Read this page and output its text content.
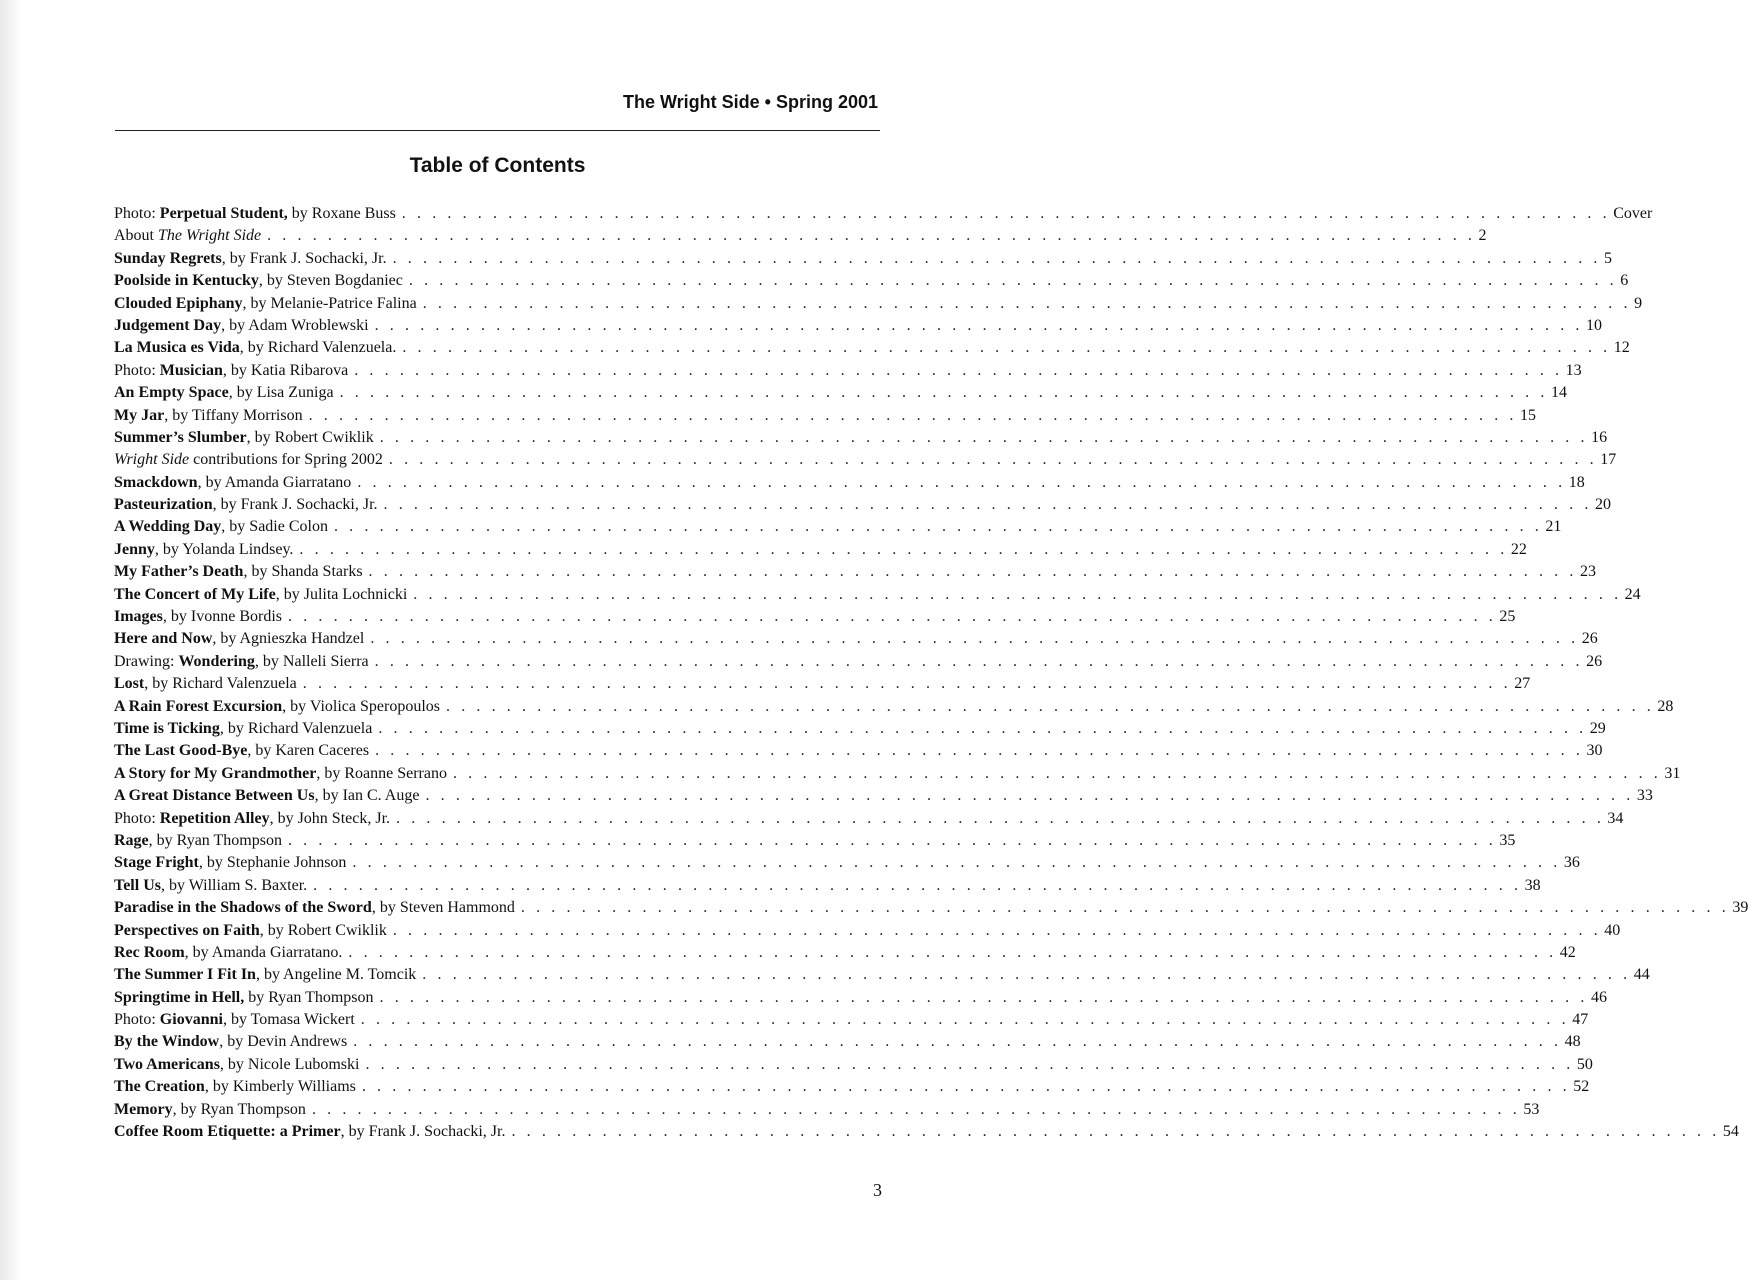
The Wright Side • Spring 2001
Table of Contents
Photo: Perpetual Student, by Roxane Buss . . . . . . . . . . . . . . . . . . . . . . . . . . . . . . . . . . . . . . . . . . . . . . . . . . . . . . . . . . . . . . . . . . . . . . . . . . . . . . . . Cover
About The Wright Side . . . . . . . . . . . . . . . . . . . . . . . . . . . . . . . . . . . . . . . . . . . . . . . . . . . . . . . . . . . . . . . . . . . . . . . . . . . . . . . . 2
Sunday Regrets, by Frank J. Sochacki, Jr. . . . . . . . . . . . . . . . . . . . . . . . . . . . . . . . . . . . . . . . . . . . . . . . . . . . . . . . . . . . . . . . . . . . . . . . . . . . . . . . . 5
Poolside in Kentucky, by Steven Bogdaniec . . . . . . . . . . . . . . . . . . . . . . . . . . . . . . . . . . . . . . . . . . . . . . . . . . . . . . . . . . . . . . . . . . . . . . . . . . . . . . . . 6
Clouded Epiphany, by Melanie-Patrice Falina . . . . . . . . . . . . . . . . . . . . . . . . . . . . . . . . . . . . . . . . . . . . . . . . . . . . . . . . . . . . . . . . . . . . . . . . . . . . . . . . 9
Judgement Day, by Adam Wroblewski . . . . . . . . . . . . . . . . . . . . . . . . . . . . . . . . . . . . . . . . . . . . . . . . . . . . . . . . . . . . . . . . . . . . . . . . . . . . . . . . 10
La Musica es Vida, by Richard Valenzuela. . . . . . . . . . . . . . . . . . . . . . . . . . . . . . . . . . . . . . . . . . . . . . . . . . . . . . . . . . . . . . . . . . . . . . . . . . . . . . . . . 12
Photo: Musician, by Katia Ribarova . . . . . . . . . . . . . . . . . . . . . . . . . . . . . . . . . . . . . . . . . . . . . . . . . . . . . . . . . . . . . . . . . . . . . . . . . . . . . . . . 13
An Empty Space, by Lisa Zuniga . . . . . . . . . . . . . . . . . . . . . . . . . . . . . . . . . . . . . . . . . . . . . . . . . . . . . . . . . . . . . . . . . . . . . . . . . . . . . . . . 14
My Jar, by Tiffany Morrison . . . . . . . . . . . . . . . . . . . . . . . . . . . . . . . . . . . . . . . . . . . . . . . . . . . . . . . . . . . . . . . . . . . . . . . . . . . . . . . . 15
Summer’s Slumber, by Robert Cwiklik . . . . . . . . . . . . . . . . . . . . . . . . . . . . . . . . . . . . . . . . . . . . . . . . . . . . . . . . . . . . . . . . . . . . . . . . . . . . . . . . 16
Wright Side contributions for Spring 2002 . . . . . . . . . . . . . . . . . . . . . . . . . . . . . . . . . . . . . . . . . . . . . . . . . . . . . . . . . . . . . . . . . . . . . . . . . . . . . . . . 17
Smackdown, by Amanda Giarratano . . . . . . . . . . . . . . . . . . . . . . . . . . . . . . . . . . . . . . . . . . . . . . . . . . . . . . . . . . . . . . . . . . . . . . . . . . . . . . . . 18
Pasteurization, by Frank J. Sochacki, Jr. . . . . . . . . . . . . . . . . . . . . . . . . . . . . . . . . . . . . . . . . . . . . . . . . . . . . . . . . . . . . . . . . . . . . . . . . . . . . . . . . 20
A Wedding Day, by Sadie Colon . . . . . . . . . . . . . . . . . . . . . . . . . . . . . . . . . . . . . . . . . . . . . . . . . . . . . . . . . . . . . . . . . . . . . . . . . . . . . . . . 21
Jenny, by Yolanda Lindsey. . . . . . . . . . . . . . . . . . . . . . . . . . . . . . . . . . . . . . . . . . . . . . . . . . . . . . . . . . . . . . . . . . . . . . . . . . . . . . . . . 22
My Father’s Death, by Shanda Starks . . . . . . . . . . . . . . . . . . . . . . . . . . . . . . . . . . . . . . . . . . . . . . . . . . . . . . . . . . . . . . . . . . . . . . . . . . . . . . . . 23
The Concert of My Life, by Julita Lochnicki . . . . . . . . . . . . . . . . . . . . . . . . . . . . . . . . . . . . . . . . . . . . . . . . . . . . . . . . . . . . . . . . . . . . . . . . . . . . . . . . 24
Images, by Ivonne Bordis . . . . . . . . . . . . . . . . . . . . . . . . . . . . . . . . . . . . . . . . . . . . . . . . . . . . . . . . . . . . . . . . . . . . . . . . . . . . . . . . 25
Here and Now, by Agnieszka Handzel . . . . . . . . . . . . . . . . . . . . . . . . . . . . . . . . . . . . . . . . . . . . . . . . . . . . . . . . . . . . . . . . . . . . . . . . . . . . . . . . 26
Drawing: Wondering, by Nalleli Sierra . . . . . . . . . . . . . . . . . . . . . . . . . . . . . . . . . . . . . . . . . . . . . . . . . . . . . . . . . . . . . . . . . . . . . . . . . . . . . . . . 26
Lost, by Richard Valenzuela . . . . . . . . . . . . . . . . . . . . . . . . . . . . . . . . . . . . . . . . . . . . . . . . . . . . . . . . . . . . . . . . . . . . . . . . . . . . . . . . 27
A Rain Forest Excursion, by Violica Speropoulos . . . . . . . . . . . . . . . . . . . . . . . . . . . . . . . . . . . . . . . . . . . . . . . . . . . . . . . . . . . . . . . . . . . . . . . . . . . . . . . . 28
Time is Ticking, by Richard Valenzuela . . . . . . . . . . . . . . . . . . . . . . . . . . . . . . . . . . . . . . . . . . . . . . . . . . . . . . . . . . . . . . . . . . . . . . . . . . . . . . . . 29
The Last Good-Bye, by Karen Caceres . . . . . . . . . . . . . . . . . . . . . . . . . . . . . . . . . . . . . . . . . . . . . . . . . . . . . . . . . . . . . . . . . . . . . . . . . . . . . . . . 30
A Story for My Grandmother, by Roanne Serrano . . . . . . . . . . . . . . . . . . . . . . . . . . . . . . . . . . . . . . . . . . . . . . . . . . . . . . . . . . . . . . . . . . . . . . . . . . . . . . . . 31
A Great Distance Between Us, by Ian C. Auge . . . . . . . . . . . . . . . . . . . . . . . . . . . . . . . . . . . . . . . . . . . . . . . . . . . . . . . . . . . . . . . . . . . . . . . . . . . . . . . . 33
Photo: Repetition Alley, by John Steck, Jr. . . . . . . . . . . . . . . . . . . . . . . . . . . . . . . . . . . . . . . . . . . . . . . . . . . . . . . . . . . . . . . . . . . . . . . . . . . . . . . . . 34
Rage, by Ryan Thompson . . . . . . . . . . . . . . . . . . . . . . . . . . . . . . . . . . . . . . . . . . . . . . . . . . . . . . . . . . . . . . . . . . . . . . . . . . . . . . . . 35
Stage Fright, by Stephanie Johnson . . . . . . . . . . . . . . . . . . . . . . . . . . . . . . . . . . . . . . . . . . . . . . . . . . . . . . . . . . . . . . . . . . . . . . . . . . . . . . . . 36
Tell Us, by William S. Baxter. . . . . . . . . . . . . . . . . . . . . . . . . . . . . . . . . . . . . . . . . . . . . . . . . . . . . . . . . . . . . . . . . . . . . . . . . . . . . . . . . 38
Paradise in the Shadows of the Sword, by Steven Hammond . . . . . . . . . . . . . . . . . . . . . . . . . . . . . . . . . . . . . . . . . . . . . . . . . . . . . . . . . . . . . . . . . . . . . . . . . . . . . . . . 39
Perspectives on Faith, by Robert Cwiklik . . . . . . . . . . . . . . . . . . . . . . . . . . . . . . . . . . . . . . . . . . . . . . . . . . . . . . . . . . . . . . . . . . . . . . . . . . . . . . . . 40
Rec Room, by Amanda Giarratano. . . . . . . . . . . . . . . . . . . . . . . . . . . . . . . . . . . . . . . . . . . . . . . . . . . . . . . . . . . . . . . . . . . . . . . . . . . . . . . . . 42
The Summer I Fit In, by Angeline M. Tomcik . . . . . . . . . . . . . . . . . . . . . . . . . . . . . . . . . . . . . . . . . . . . . . . . . . . . . . . . . . . . . . . . . . . . . . . . . . . . . . . . 44
Springtime in Hell, by Ryan Thompson . . . . . . . . . . . . . . . . . . . . . . . . . . . . . . . . . . . . . . . . . . . . . . . . . . . . . . . . . . . . . . . . . . . . . . . . . . . . . . . . 46
Photo: Giovanni, by Tomasa Wickert . . . . . . . . . . . . . . . . . . . . . . . . . . . . . . . . . . . . . . . . . . . . . . . . . . . . . . . . . . . . . . . . . . . . . . . . . . . . . . . . 47
By the Window, by Devin Andrews . . . . . . . . . . . . . . . . . . . . . . . . . . . . . . . . . . . . . . . . . . . . . . . . . . . . . . . . . . . . . . . . . . . . . . . . . . . . . . . . 48
Two Americans, by Nicole Lubomski . . . . . . . . . . . . . . . . . . . . . . . . . . . . . . . . . . . . . . . . . . . . . . . . . . . . . . . . . . . . . . . . . . . . . . . . . . . . . . . . 50
The Creation, by Kimberly Williams . . . . . . . . . . . . . . . . . . . . . . . . . . . . . . . . . . . . . . . . . . . . . . . . . . . . . . . . . . . . . . . . . . . . . . . . . . . . . . . . 52
Memory, by Ryan Thompson . . . . . . . . . . . . . . . . . . . . . . . . . . . . . . . . . . . . . . . . . . . . . . . . . . . . . . . . . . . . . . . . . . . . . . . . . . . . . . . . 53
Coffee Room Etiquette: a Primer, by Frank J. Sochacki, Jr. . . . . . . . . . . . . . . . . . . . . . . . . . . . . . . . . . . . . . . . . . . . . . . . . . . . . . . . . . . . . . . . . . . . . . . . . . . . . . . . . 54
3
